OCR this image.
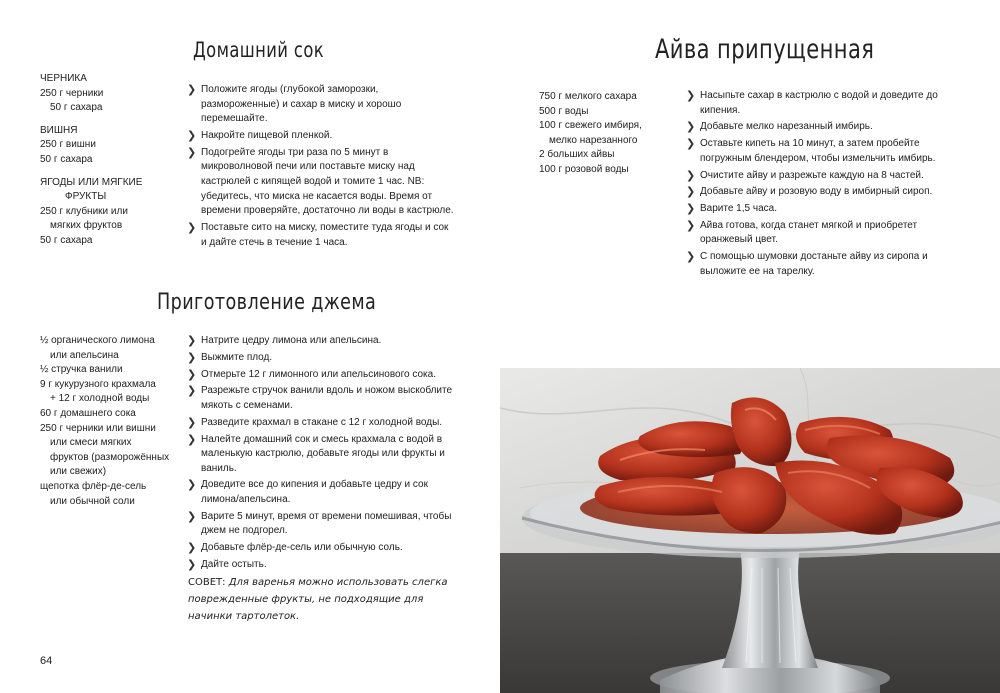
Домашний сок
ЧЕРНИКА
250 г черники
50 г сахара
ВИШНЯ
250 г вишни
50 г сахара
ЯГОДЫ ИЛИ МЯГКИЕ
ФРУКТЫ
250 г клубники или
мягких фруктов
50 г сахара
❯ Положите ягоды (глубокой заморозки, размороженные) и сахар в миску и хорошо перемешайте.
❯ Накройте пищевой пленкой.
❯ Подогрейте ягоды три раза по 5 минут в микроволновой печи или поставьте миску над кастрюлей с кипящей водой и томите 1 час. NB: убедитесь, что миска не касается воды. Время от времени проверяйте, достаточно ли воды в кастрюле.
❯ Поставьте сито на миску, поместите туда ягоды и сок и дайте стечь в течение 1 часа.
Приготовление джема
½ органического лимона
или апельсина
½ стручка ванили
9 г кукурузного крахмала
+ 12 г холодной воды
60 г домашнего сока
250 г черники или вишни
или смеси мягких
фруктов (разморожённых
или свежих)
щепотка флёр-де-сель
или обычной соли
❯ Натрите цедру лимона или апельсина.
❯ Выжмите плод.
❯ Отмерьте 12 г лимонного или апельсинового сока.
❯ Разрежьте стручок ванили вдоль и ножом выскоблите мякоть с семенами.
❯ Разведите крахмал в стакане с 12 г холодной воды.
❯ Налейте домашний сок и смесь крахмала с водой в маленькую кастрюлю, добавьте ягоды или фрукты и ваниль.
❯ Доведите все до кипения и добавьте цедру и сок лимона/апельсина.
❯ Варите 5 минут, время от времени помешивая, чтобы джем не подгорел.
❯ Добавьте флёр-де-сель или обычную соль.
❯ Дайте остыть.
СОВЕТ: Для варенья можно использовать слегка поврежденные фрукты, не подходящие для начинки тартолеток.
64
Айва припущенная
750 г мелкого сахара
500 г воды
100 г свежего имбиря,
мелко нарезанного
2 больших айвы
100 г розовой воды
❯ Насыпьте сахар в кастрюлю с водой и доведите до кипения.
❯ Добавьте мелко нарезанный имбирь.
❯ Оставьте кипеть на 10 минут, а затем пробейте погружным блендером, чтобы измельчить имбирь.
❯ Очистите айву и разрежьте каждую на 8 частей.
❯ Добавьте айву и розовую воду в имбирный сироп.
❯ Варите 1,5 часа.
❯ Айва готова, когда станет мягкой и приобретет оранжевый цвет.
❯ С помощью шумовки достаньте айву из сиропа и выложите ее на тарелку.
